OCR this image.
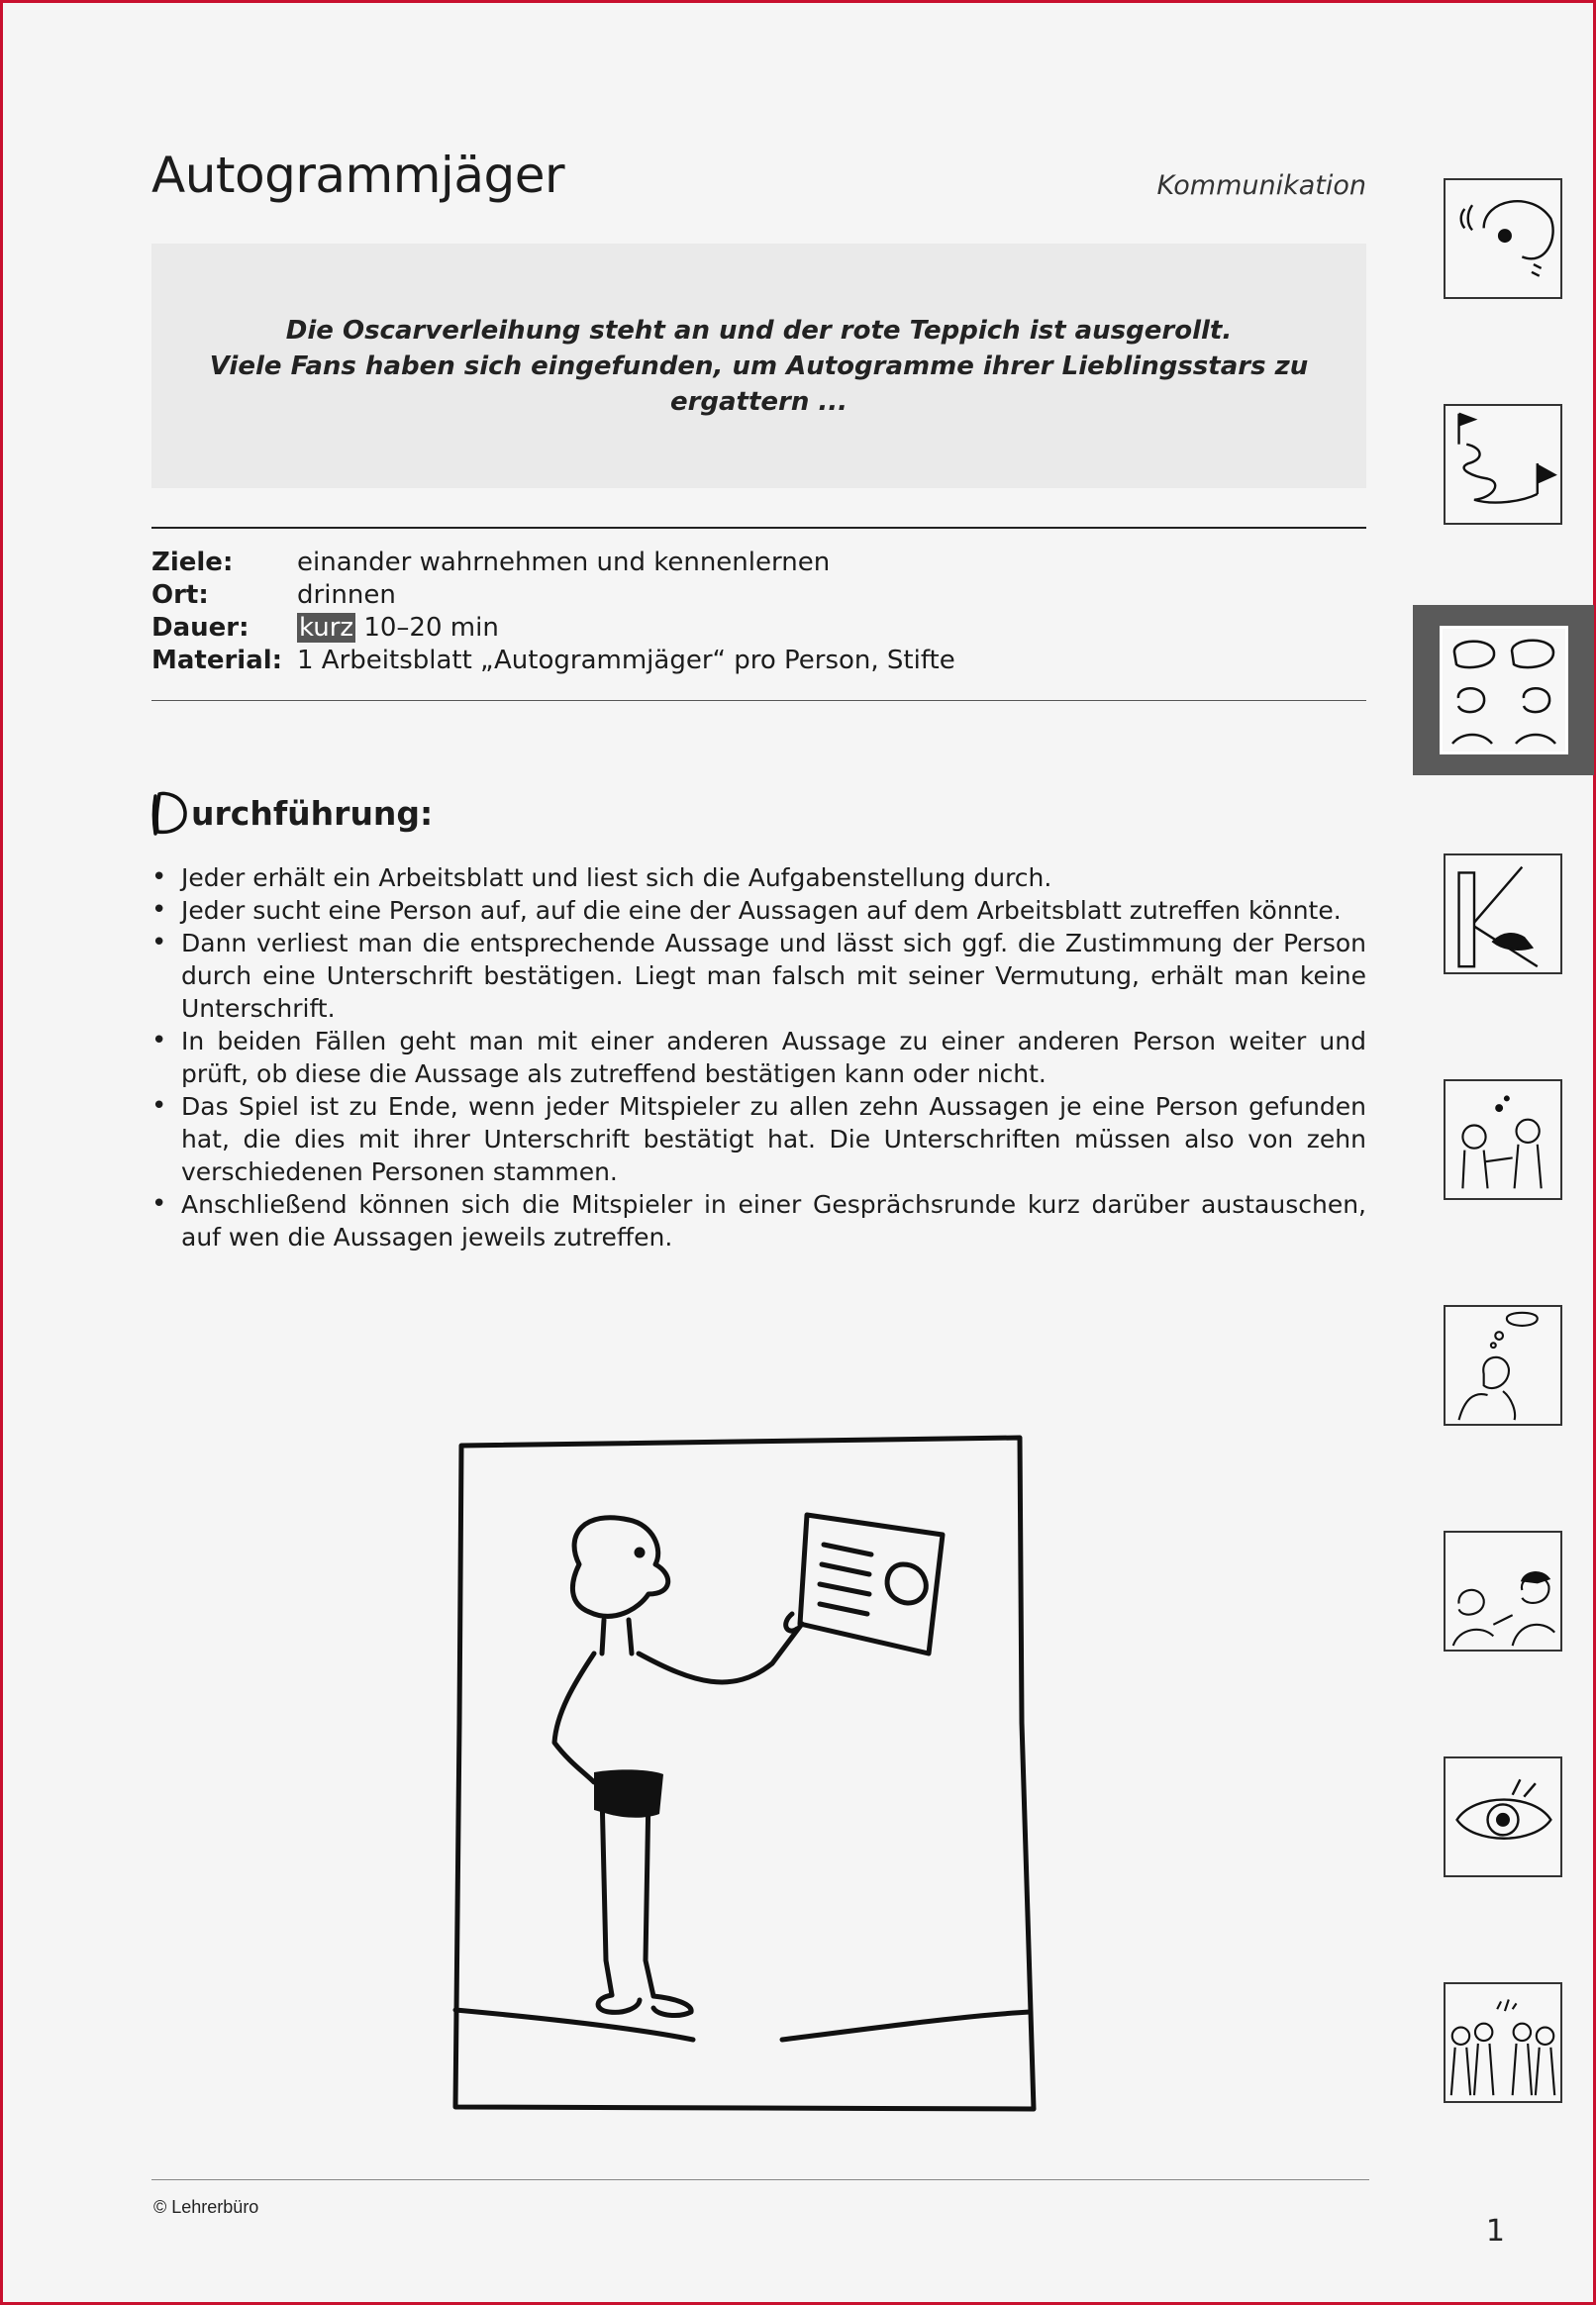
Autogrammjäger	Kommunikation

Die Oscarverleihung steht an und der rote Teppich ist ausgerollt.

Viele Fans haben sich eingefunden, um Autogramme ihrer Lieblingsstars zu ergattern ...

Ziele:	einander wahrnehmen und kennenlernen
Ort:	drinnen
Dauer:	kurz 10–20 min
Material: 1 Arbeitsblatt „Autogrammjäger“ pro Person, Stifte
urchführung:
• Jeder erhält ein Arbeitsblatt und liest sich die Aufgabenstellung durch.
• Jeder sucht eine Person auf, auf die eine der Aussagen auf dem Arbeitsblatt zutreffen könnte.
• Dann verliest man die entsprechende Aussage und lässt sich ggf. die Zustimmung der Person durch eine Unterschrift bestätigen. Liegt man falsch mit seiner Vermutung, erhält man keine Unterschrift.
• In beiden Fällen geht man mit einer anderen Aussage zu einer anderen Person weiter und prüft, ob diese die Aussage als zutreffend bestätigen kann oder nicht.
• Das Spiel ist zu Ende, wenn jeder Mitspieler zu allen zehn Aussagen je eine Person gefunden hat, die dies mit ihrer Unterschrift bestätigt hat. Die Unterschriften müssen also von zehn verschiedenen Personen stammen.
• Anschließend können sich die Mitspieler in einer Gesprächsrunde kurz darüber austauschen, auf wen die Aussagen jeweils zutreffen.
© Lehrerbüro
1
